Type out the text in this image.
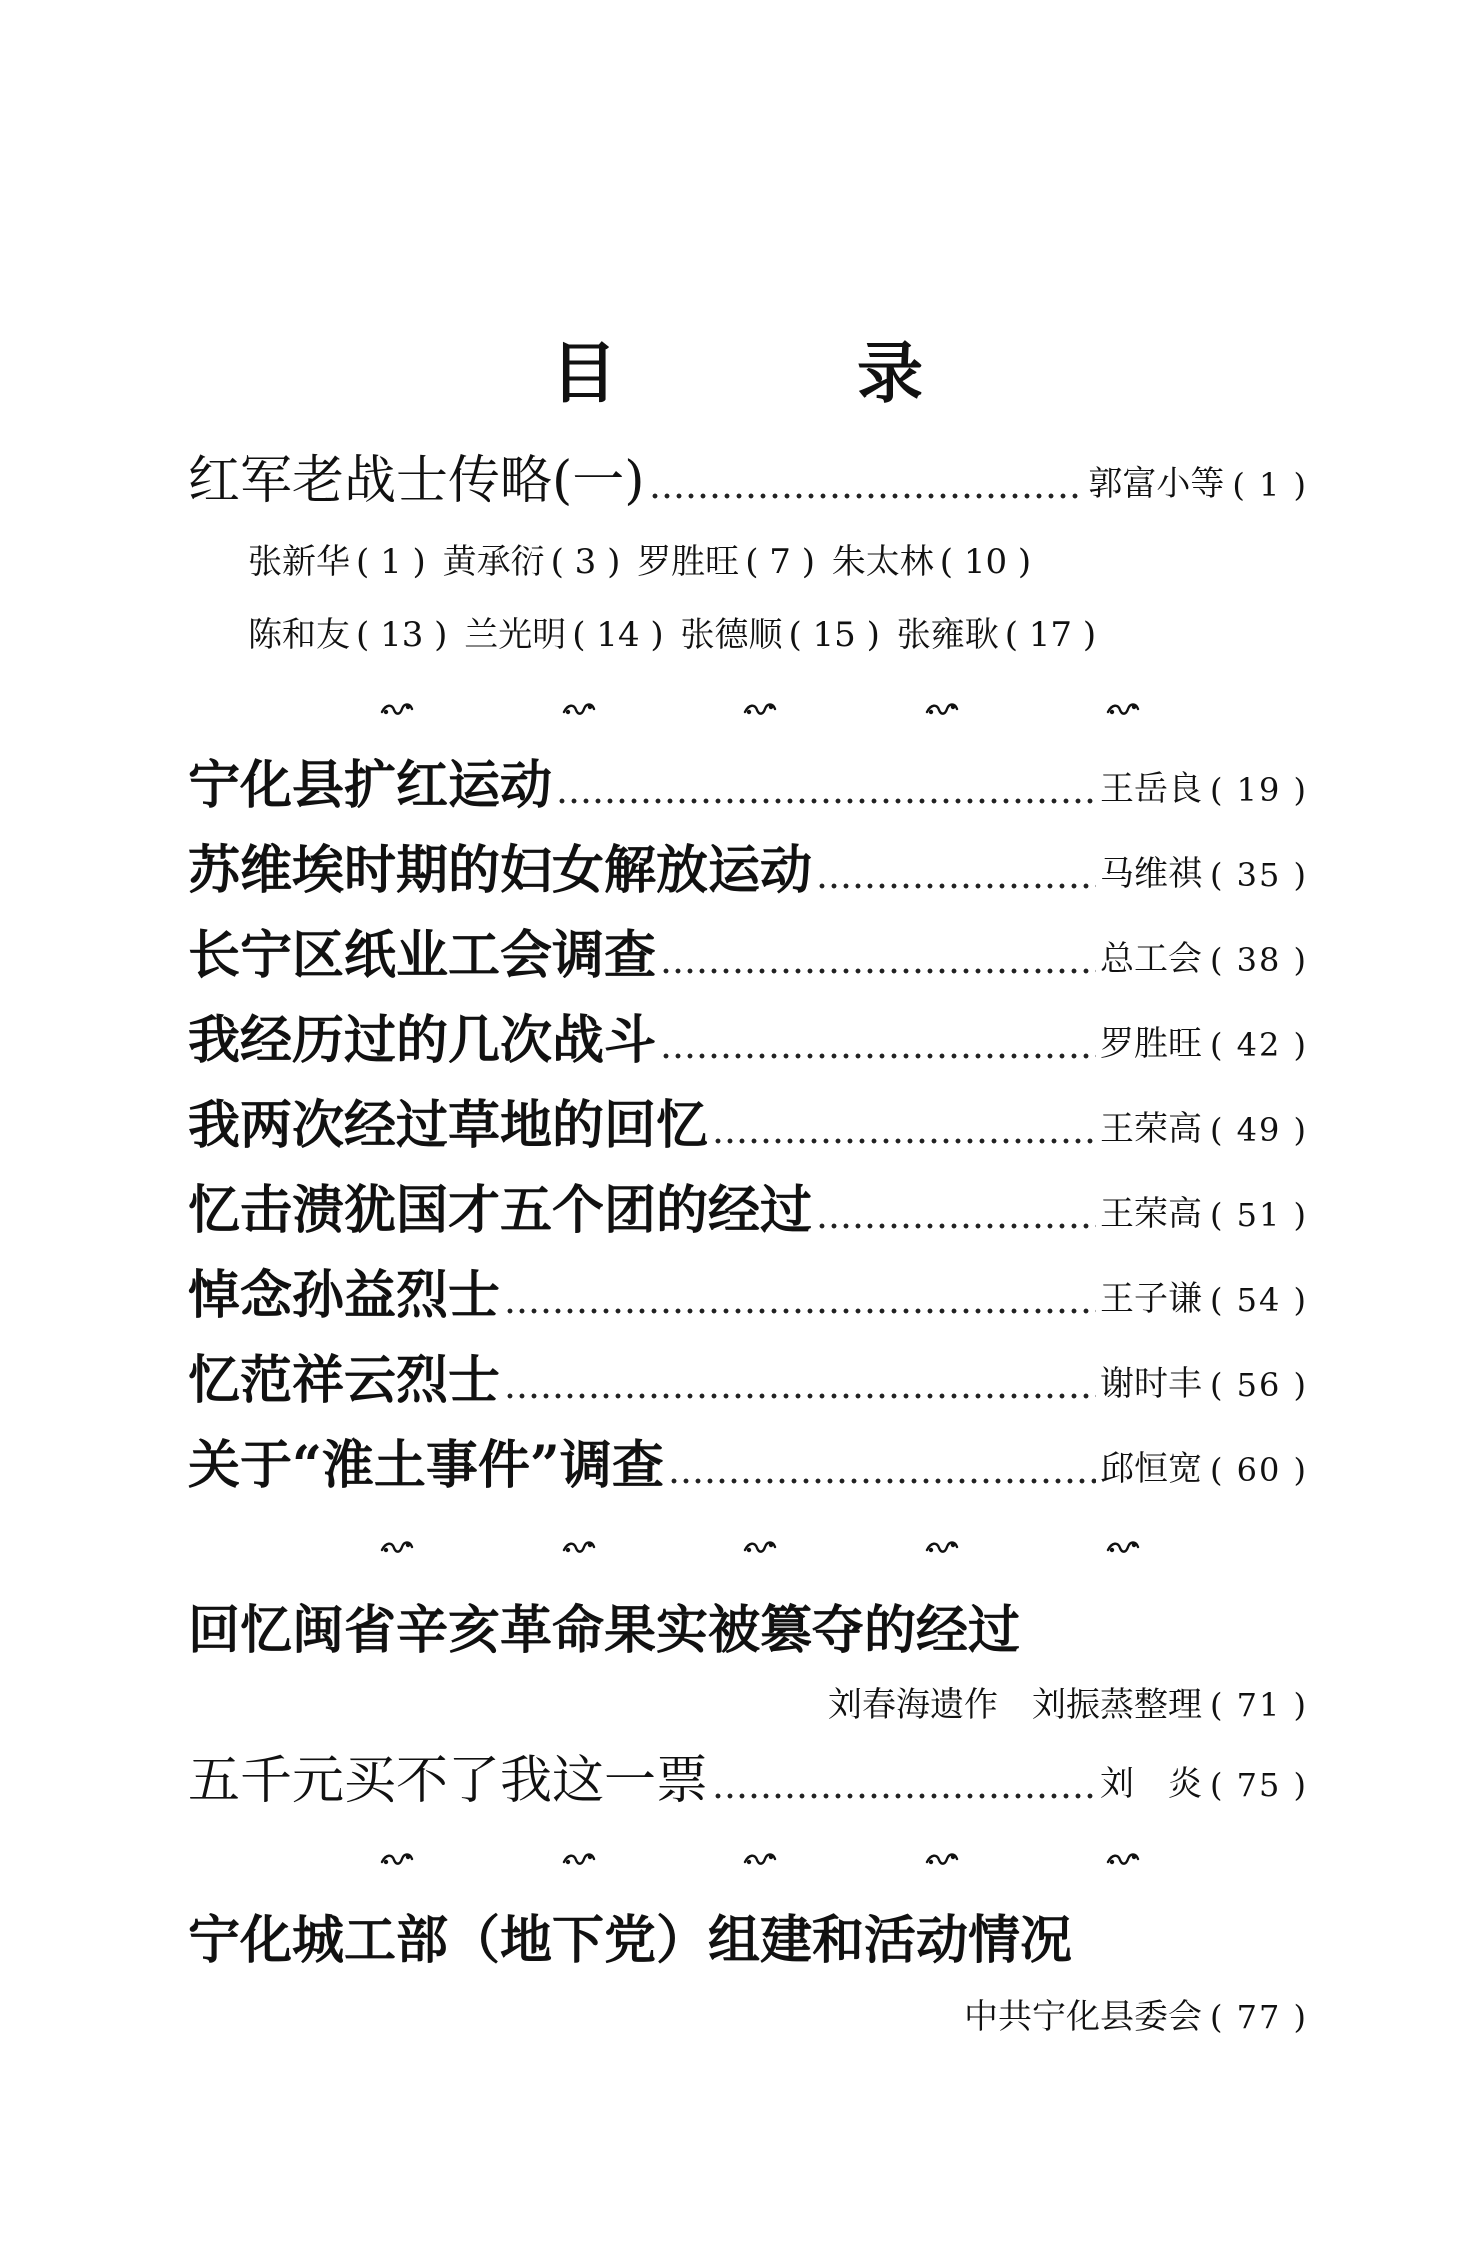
目	录
红军老战士传略(一)	郭富小等 ( 1 )
张新华 ( 1 ) 黄承衍 ( 3 ) 罗胜旺 ( 7 ) 朱太林 ( 10 )
陈和友 ( 13 ) 兰光明 ( 14 ) 张德顺 ( 15 ) 张雍耿 ( 17 )
宁化县扩红运动	王岳良 ( 19 )
苏维埃时期的妇女解放运动	马维祺 ( 35 )
长宁区纸业工会调查	总工会 ( 38 )
我经历过的几次战斗	罗胜旺 ( 42 )
我两次经过草地的回忆	王荣高 ( 49 )
忆击溃犹国才五个团的经过	王荣高 ( 51 )
悼念孙益烈士	王子谦 ( 54 )
忆范祥云烈士	谢时丰 ( 56 )
关于“淮土事件”调查	邱恒宽 ( 60 )
回忆闽省辛亥革命果实被篡夺的经过
刘春海遗作　刘振蒸整理 ( 71 )
五千元买不了我这一票	刘　炎 ( 75 )
宁化城工部（地下党）组建和活动情况
中共宁化县委会 ( 77 )
